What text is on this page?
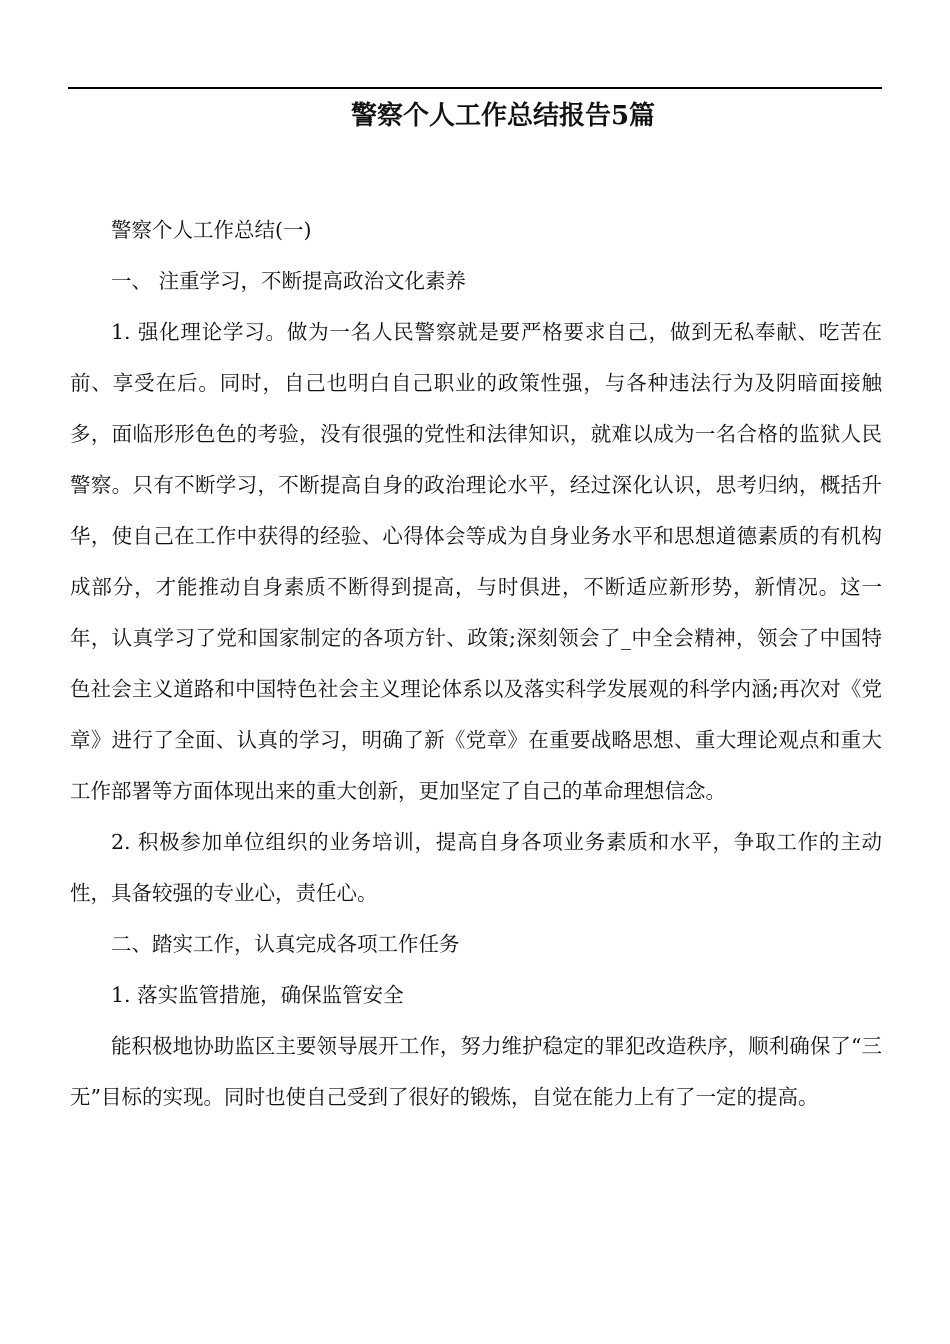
警察个人工作总结报告5篇

警察个人工作总结(一)

一、 注重学习，不断提高政治文化素养

1. 强化理论学习。做为一名人民警察就是要严格要求自己，做到无私奉献、吃苦在前、享受在后。同时，自己也明白自己职业的政策性强，与各种违法行为及阴暗面接触多，面临形形色色的考验，没有很强的党性和法律知识，就难以成为一名合格的监狱人民警察。只有不断学习，不断提高自身的政治理论水平，经过深化认识，思考归纳，概括升华，使自己在工作中获得的经验、心得体会等成为自身业务水平和思想道德素质的有机构成部分，才能推动自身素质不断得到提高，与时俱进，不断适应新形势，新情况。这一年，认真学习了党和国家制定的各项方针、政策;深刻领会了_中全会精神，领会了中国特色社会主义道路和中国特色社会主义理论体系以及落实科学发展观的科学内涵;再次对《党章》进行了全面、认真的学习，明确了新《党章》在重要战略思想、重大理论观点和重大工作部署等方面体现出来的重大创新，更加坚定了自己的革命理想信念。

2. 积极参加单位组织的业务培训，提高自身各项业务素质和水平，争取工作的主动性，具备较强的专业心，责任心。

二、踏实工作，认真完成各项工作任务

1. 落实监管措施，确保监管安全

能积极地协助监区主要领导展开工作，努力维护稳定的罪犯改造秩序，顺利确保了“三无”目标的实现。同时也使自己受到了很好的锻炼，自觉在能力上有了一定的提高。
